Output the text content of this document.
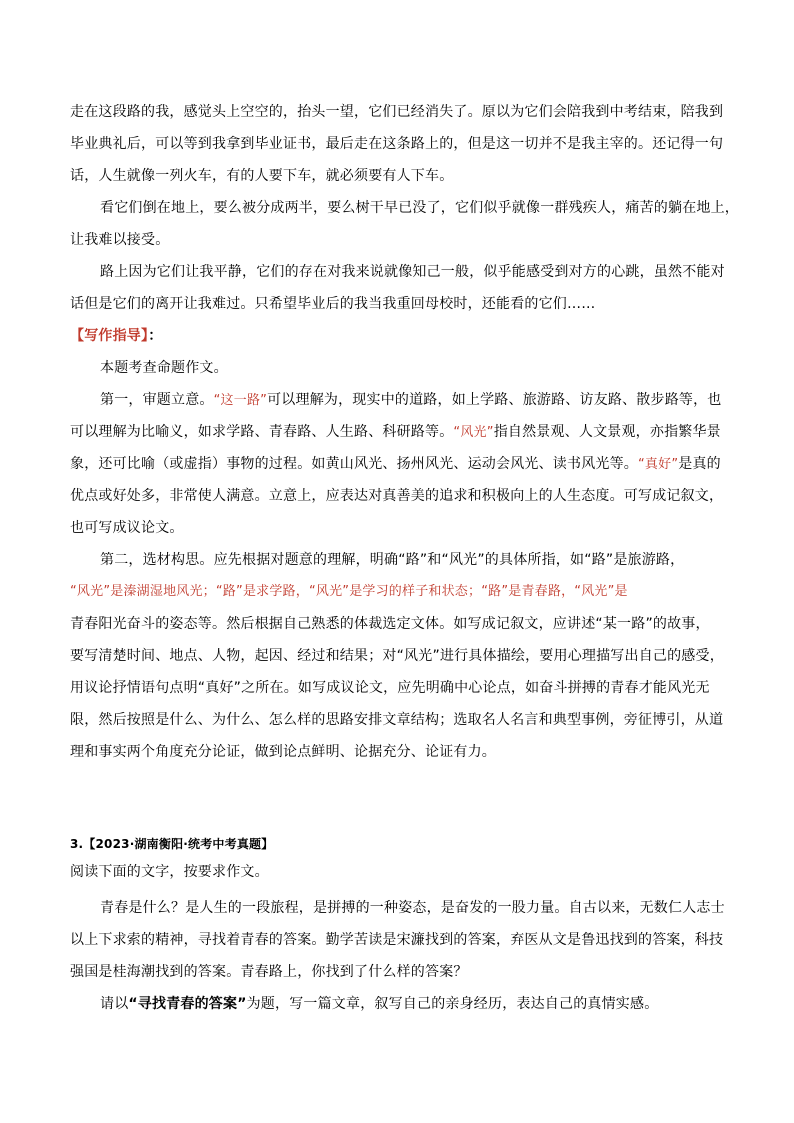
走在这段路的我，感觉头上空空的，抬头一望，它们已经消失了。原以为它们会陪我到中考结束，陪我到
毕业典礼后，可以等到我拿到毕业证书，最后走在这条路上的，但是这一切并不是我主宰的。还记得一句
话，人生就像一列火车，有的人要下车，就必须要有人下车。
看它们倒在地上，要么被分成两半，要么树干早已没了，它们似乎就像一群残疾人，痛苦的躺在地上，
让我难以接受。
路上因为它们让我平静，它们的存在对我来说就像知己一般，似乎能感受到对方的心跳，虽然不能对
话但是它们的离开让我难过。只希望毕业后的我当我重回母校时，还能看的它们……
【写作指导】：
本题考查命题作文。
第一，审题立意。“这一路”可以理解为，现实中的道路，如上学路、旅游路、访友路、散步路等，也
可以理解为比喻义，如求学路、青春路、人生路、科研路等。“风光”指自然景观、人文景观，亦指繁华景
象，还可比喻（或虚指）事物的过程。如黄山风光、扬州风光、运动会风光、读书风光等。“真好”是真的
优点或好处多，非常使人满意。立意上，应表达对真善美的追求和积极向上的人生态度。可写成记叙文，
也可写成议论文。
第二，选材构思。应先根据对题意的理解，明确“路”和“风光”的具体所指，如“路”是旅游路，
“风光”是溱湖湿地风光；“路”是求学路，“风光”是学习的样子和状态；“路”是青春路，“风光”是
青春阳光奋斗的姿态等。然后根据自己熟悉的体裁选定文体。如写成记叙文，应讲述“某一路”的故事，
要写清楚时间、地点、人物，起因、经过和结果；对“风光”进行具体描绘，要用心理描写出自己的感受，
用议论抒情语句点明“真好”之所在。如写成议论文，应先明确中心论点，如奋斗拼搏的青春才能风光无
限，然后按照是什么、为什么、怎么样的思路安排文章结构；选取名人名言和典型事例，旁征博引，从道
理和事实两个角度充分论证，做到论点鲜明、论据充分、论证有力。
3.【2023·湖南衡阳·统考中考真题】
阅读下面的文字，按要求作文。
青春是什么？是人生的一段旅程，是拼搏的一种姿态，是奋发的一股力量。自古以来，无数仁人志士
以上下求索的精神，寻找着青春的答案。勤学苦读是宋濂找到的答案，弃医从文是鲁迅找到的答案，科技
强国是桂海潮找到的答案。青春路上，你找到了什么样的答案？
请以“寻找青春的答案”为题，写一篇文章，叙写自己的亲身经历，表达自己的真情实感。
